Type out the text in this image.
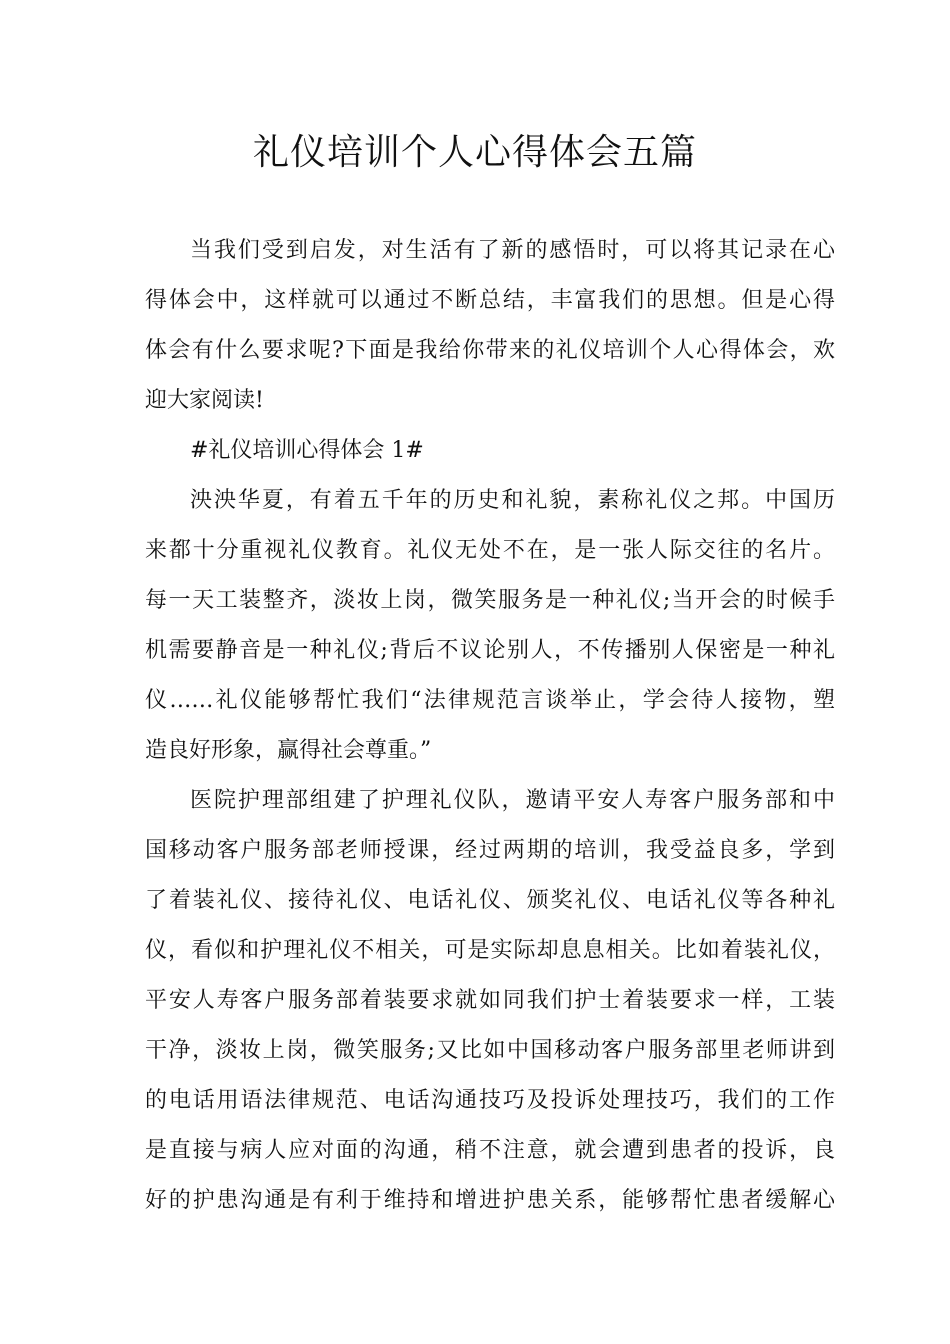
礼仪培训个人心得体会五篇
当我们受到启发，对生活有了新的感悟时，可以将其记录在心
得体会中，这样就可以通过不断总结，丰富我们的思想。但是心得
体会有什么要求呢?下面是我给你带来的礼仪培训个人心得体会，欢
迎大家阅读!
#礼仪培训心得体会 1#
泱泱华夏，有着五千年的历史和礼貌，素称礼仪之邦。中国历
来都十分重视礼仪教育。礼仪无处不在，是一张人际交往的名片。
每一天工装整齐，淡妆上岗，微笑服务是一种礼仪;当开会的时候手
机需要静音是一种礼仪;背后不议论别人，不传播别人保密是一种礼
仪……礼仪能够帮忙我们“法律规范言谈举止，学会待人接物，塑
造良好形象，赢得社会尊重。”
医院护理部组建了护理礼仪队，邀请平安人寿客户服务部和中
国移动客户服务部老师授课，经过两期的培训，我受益良多，学到
了着装礼仪、接待礼仪、电话礼仪、颁奖礼仪、电话礼仪等各种礼
仪，看似和护理礼仪不相关，可是实际却息息相关。比如着装礼仪，
平安人寿客户服务部着装要求就如同我们护士着装要求一样，工装
干净，淡妆上岗，微笑服务;又比如中国移动客户服务部里老师讲到
的电话用语法律规范、电话沟通技巧及投诉处理技巧，我们的工作
是直接与病人应对面的沟通，稍不注意，就会遭到患者的投诉，良
好的护患沟通是有利于维持和增进护患关系，能够帮忙患者缓解心
